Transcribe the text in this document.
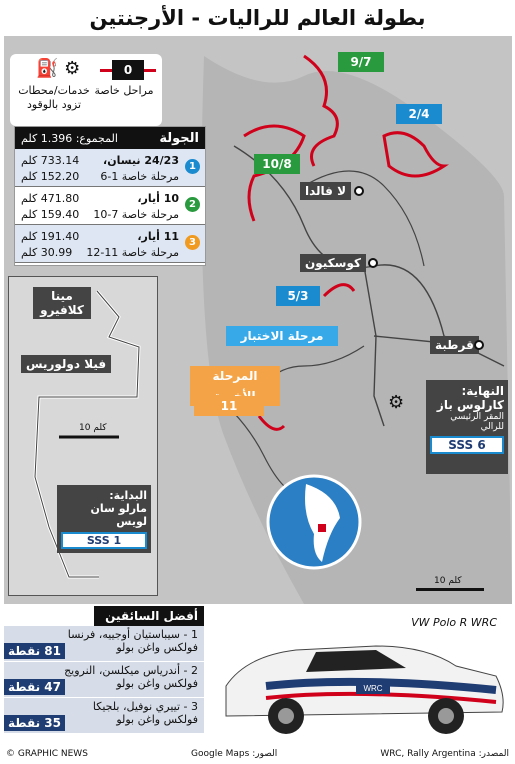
بطولة العالم للراليات - الأرجنتين
9/7
2/4
10/8
5/3
مرحلة الاختبار
المرحلة
11
لا فالدا
كوسكيون
قرطبة
النهاية:
كارلوس باز
المقر الرئيسي للرالي
SSS 6
⚙
10 كلم
0
مراحل خاصة
⚙ ⛽
خدمات/محطات تزود بالوقود
الجولة
المجموع: 1.396 كلم
1
24/23 نيسان،
733.14 كلم
مرحلة خاصة 1-6
152.20 كلم
2
10 أيار،
471.80 كلم
مرحلة خاصة 7-10
159.40 كلم
3
11 أيار،
191.40 كلم
مرحلة خاصة 11-12
30.99 كلم
مينا كلافيرو
فيلا دولوريس
10 كلم
البداية:
مارلو سان لويس
SSS 1
أفضل السائقين
1 - سيباستيان أوجييه، فرنسا
فولكس واغن بولو
81 نقطة
2 - أندرياس ميكلسن، النرويج
فولكس واغن بولو
47 نقطة
3 - تييري نوفيل، بلجيكا
فولكس واغن بولو
35 نقطة
VW Polo R WRC
WRC
© GRAPHIC NEWS	الصور: Google Maps	المصدر: WRC, Rally Argentina
